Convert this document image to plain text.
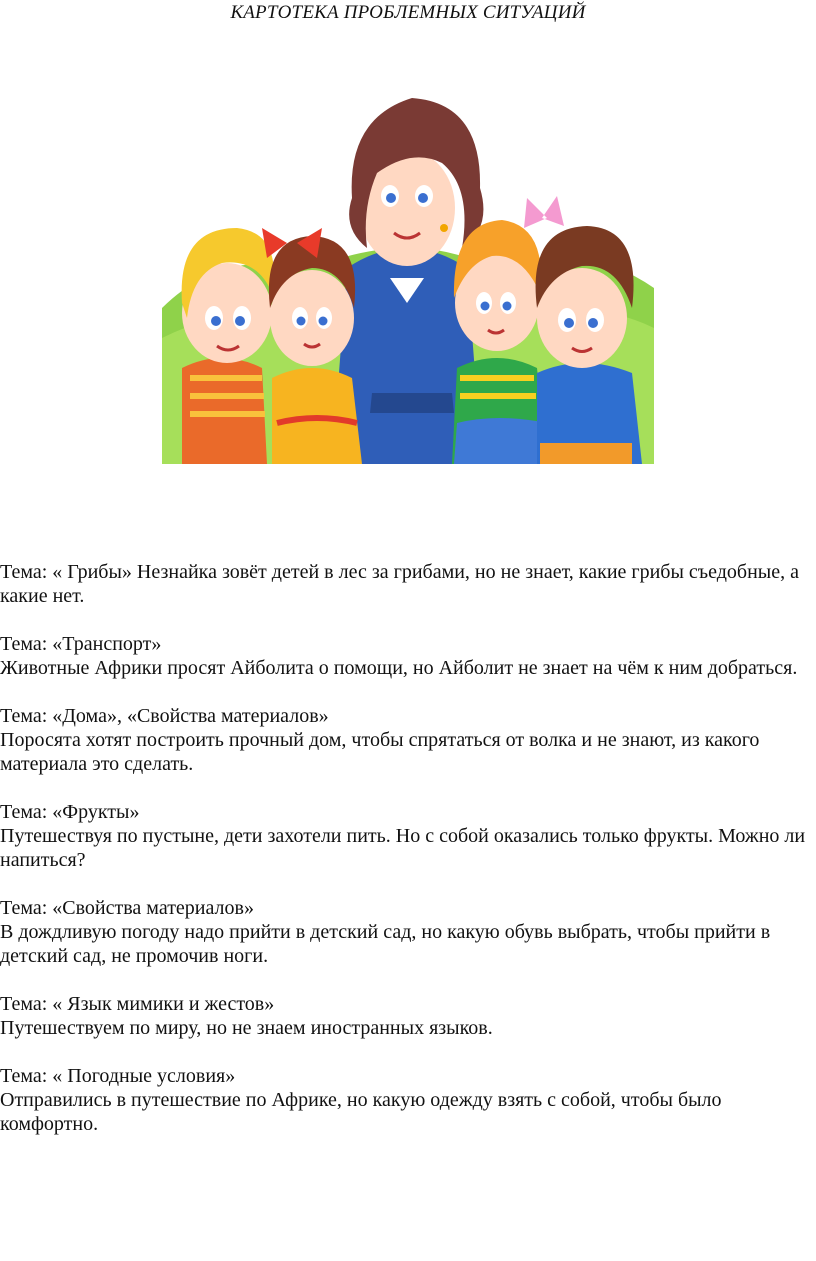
КАРТОТЕКА ПРОБЛЕМНЫХ СИТУАЦИЙ

Тема: « Грибы» Незнайка зовёт детей в лес за грибами, но не знает, какие грибы съедобные, а какие нет.

Тема: «Транспорт»

Животные Африки просят Айболита о помощи, но Айболит не знает на чём к ним добраться.

Тема: «Дома», «Свойства материалов»

Поросята хотят построить прочный дом, чтобы спрятаться от волка и не знают, из какого материала это сделать.

Тема: «Фрукты»

Путешествуя по пустыне, дети захотели пить. Но с собой оказались только фрукты. Можно ли напиться?

Тема: «Свойства материалов»

В дождливую погоду надо прийти в детский сад, но какую обувь выбрать, чтобы прийти в детский сад, не промочив ноги.

Тема: « Язык мимики и жестов»

Путешествуем по миру, но не знаем иностранных языков.

Тема: « Погодные условия»

Отправились в путешествие по Африке, но какую одежду взять с собой, чтобы было комфортно.
